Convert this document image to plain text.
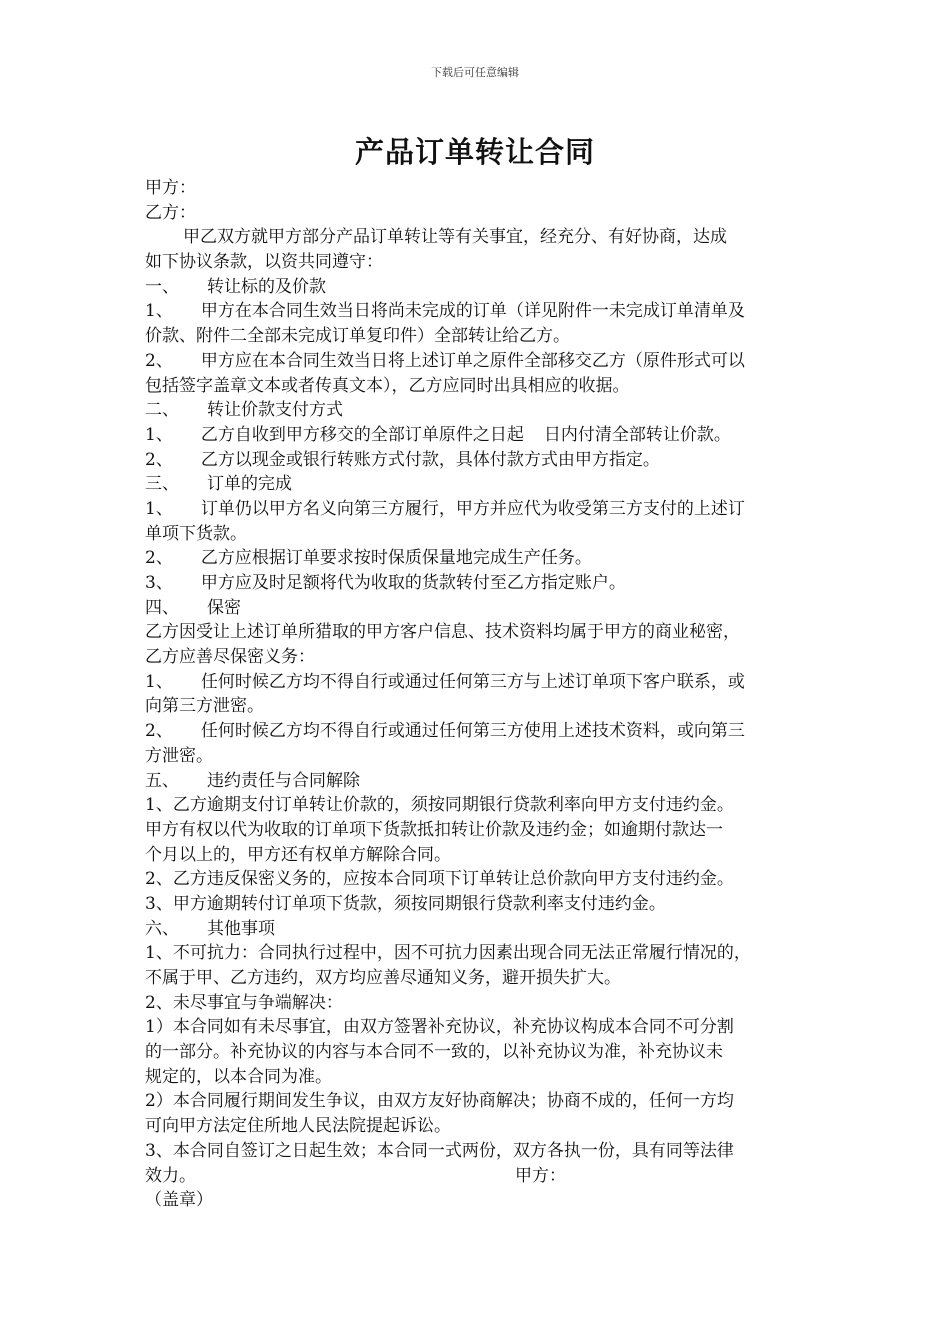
下载后可任意编辑
产品订单转让合同
甲方：
乙方：
甲乙双方就甲方部分产品订单转让等有关事宜，经充分、有好协商，达成
如下协议条款，以资共同遵守：
一、 转让标的及价款
1、 甲方在本合同生效当日将尚未完成的订单（详见附件一未完成订单清单及
价款、附件二全部未完成订单复印件）全部转让给乙方。
2、 甲方应在本合同生效当日将上述订单之原件全部移交乙方（原件形式可以
包括签字盖章文本或者传真文本），乙方应同时出具相应的收据。
二、 转让价款支付方式
1、 乙方自收到甲方移交的全部订单原件之日起 日内付清全部转让价款。
2、 乙方以现金或银行转账方式付款，具体付款方式由甲方指定。
三、 订单的完成
1、 订单仍以甲方名义向第三方履行，甲方并应代为收受第三方支付的上述订
单项下货款。
2、 乙方应根据订单要求按时保质保量地完成生产任务。
3、 甲方应及时足额将代为收取的货款转付至乙方指定账户。
四、 保密
乙方因受让上述订单所猎取的甲方客户信息、技术资料均属于甲方的商业秘密，
乙方应善尽保密义务：
1、 任何时候乙方均不得自行或通过任何第三方与上述订单项下客户联系，或
向第三方泄密。
2、 任何时候乙方均不得自行或通过任何第三方使用上述技术资料，或向第三
方泄密。
五、 违约责任与合同解除
1、乙方逾期支付订单转让价款的，须按同期银行贷款利率向甲方支付违约金。
甲方有权以代为收取的订单项下货款抵扣转让价款及违约金；如逾期付款达一
个月以上的，甲方还有权单方解除合同。
2、乙方违反保密义务的，应按本合同项下订单转让总价款向甲方支付违约金。
3、甲方逾期转付订单项下货款，须按同期银行贷款利率支付违约金。
六、 其他事项
1、不可抗力：合同执行过程中，因不可抗力因素出现合同无法正常履行情况的，
不属于甲、乙方违约，双方均应善尽通知义务，避开损失扩大。
2、未尽事宜与争端解决：
1）本合同如有未尽事宜，由双方签署补充协议，补充协议构成本合同不可分割
的一部分。补充协议的内容与本合同不一致的，以补充协议为准，补充协议未
规定的，以本合同为准。
2）本合同履行期间发生争议，由双方友好协商解决；协商不成的，任何一方均
可向甲方法定住所地人民法院提起诉讼。
3、本合同自签订之日起生效；本合同一式两份，双方各执一份，具有同等法律
效力。	甲方：
（盖章）
